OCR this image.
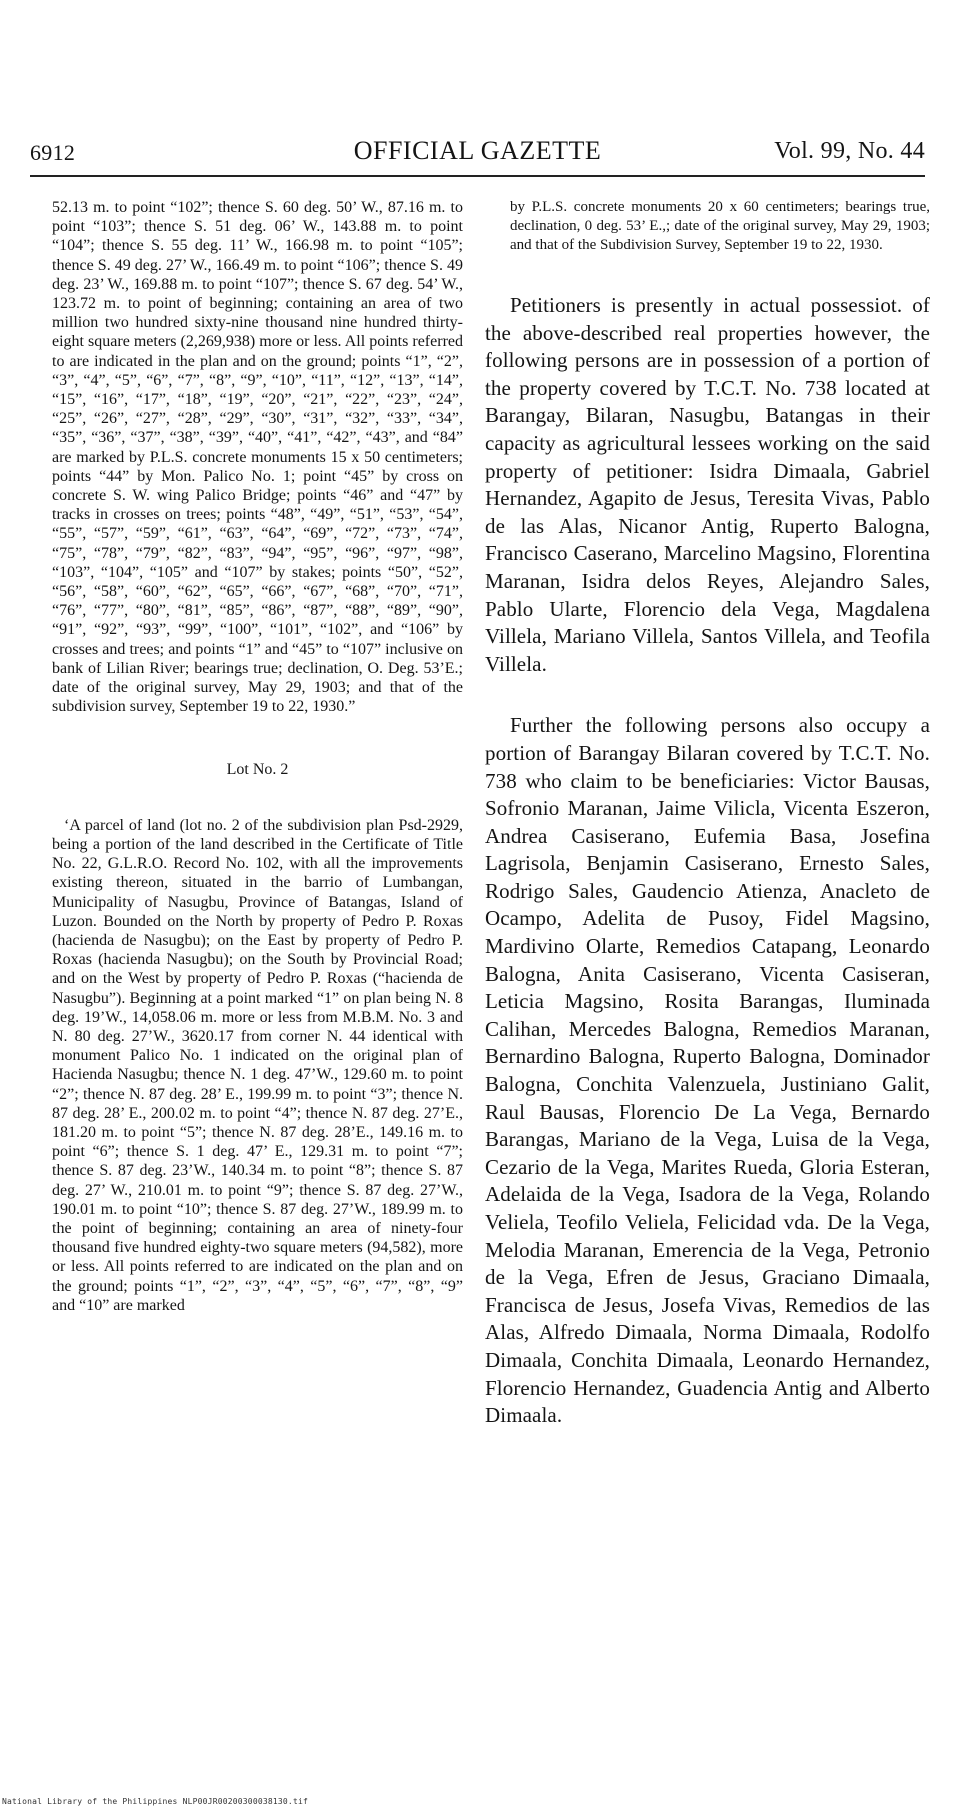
6912	OFFICIAL GAZETTE	Vol. 99, No. 44

52.13 m. to point “102”; thence S. 60 deg. 50’ W., 87.16 m. to point “103”; thence S. 51 deg. 06’ W., 143.88 m. to point “104”; thence S. 55 deg. 11’ W., 166.98 m. to point “105”; thence S. 49 deg. 27’ W., 166.49 m. to point “106”; thence S. 49 deg. 23’ W., 169.88 m. to point “107”; thence S. 67 deg. 54’ W., 123.72 m. to point of beginning; containing an area of two million two hundred sixty-nine thousand nine hundred thirty-eight square meters (2,269,938) more or less. All points referred to are indicated in the plan and on the ground; points “1”, “2”, “3”, “4”, “5”, “6”, “7”, “8”, “9”, “10”, “11”, “12”, “13”, “14”, “15”, “16”, “17”, “18”, “19”, “20”, “21”, “22”, “23”, “24”, “25”, “26”, “27”, “28”, “29”, “30”, “31”, “32”, “33”, “34”, “35”, “36”, “37”, “38”, “39”, “40”, “41”, “42”, “43”, and “84” are marked by P.L.S. concrete monuments 15 x 50 centimeters; points “44” by Mon. Palico No. 1; point “45” by cross on concrete S. W. wing Palico Bridge; points “46” and “47” by tracks in crosses on trees; points “48”, “49”, “51”, “53”, “54”, “55”, “57”, “59”, “61”, “63”, “64”, “69”, “72”, “73”, “74”, “75”, “78”, “79”, “82”, “83”, “94”, “95”, “96”, “97”, “98”, “103”, “104”, “105” and “107” by stakes; points “50”, “52”, “56”, “58”, “60”, “62”, “65”, “66”, “67”, “68”, “70”, “71”, “76”, “77”, “80”, “81”, “85”, “86”, “87”, “88”, “89”, “90”, “91”, “92”, “93”, “99”, “100”, “101”, “102”, and “106” by crosses and trees; and points “1” and “45” to “107” inclusive on bank of Lilian River; bearings true; declination, O. Deg. 53’E.; date of the original survey, May 29, 1903; and that of the subdivision survey, September 19 to 22, 1930.”

Lot No. 2

‘A parcel of land (lot no. 2 of the subdivision plan Psd-2929, being a portion of the land described in the Certificate of Title No. 22, G.L.R.O. Record No. 102, with all the improvements existing thereon, situated in the barrio of Lumbangan, Municipality of Nasugbu, Province of Batangas, Island of Luzon. Bounded on the North by property of Pedro P. Roxas (hacienda de Nasugbu); on the East by property of Pedro P. Roxas (hacienda Nasugbu); on the South by Provincial Road; and on the West by property of Pedro P. Roxas (“hacienda de Nasugbu”). Beginning at a point marked “1” on plan being N. 8 deg. 19’W., 14,058.06 m. more or less from M.B.M. No. 3 and N. 80 deg. 27’W., 3620.17 from corner N. 44 identical with monument Palico No. 1 indicated on the original plan of Hacienda Nasugbu; thence N. 1 deg. 47’W., 129.60 m. to point “2”; thence N. 87 deg. 28’ E., 199.99 m. to point “3”; thence N. 87 deg. 28’ E., 200.02 m. to point “4”; thence N. 87 deg. 27’E., 181.20 m. to point “5”; thence N. 87 deg. 28’E., 149.16 m. to point “6”; thence S. 1 deg. 47’ E., 129.31 m. to point “7”; thence S. 87 deg. 23’W., 140.34 m. to point “8”; thence S. 87 deg. 27’ W., 210.01 m. to point “9”; thence S. 87 deg. 27’W., 190.01 m. to point “10”; thence S. 87 deg. 27’W., 189.99 m. to the point of beginning; containing an area of ninety-four thousand five hundred eighty-two square meters (94,582), more or less. All points referred to are indicated on the plan and on the ground; points “1”, “2”, “3”, “4”, “5”, “6”, “7”, “8”, “9” and “10” are marked

by P.L.S. concrete monuments 20 x 60 centimeters; bearings true, declination, 0 deg. 53’ E.,; date of the original survey, May 29, 1903; and that of the Subdivision Survey, September 19 to 22, 1930.

Petitioners is presently in actual possessiot. of the above-described real properties however, the following persons are in possession of a portion of the property covered by T.C.T. No. 738 located at Barangay, Bilaran, Nasugbu, Batangas in their capacity as agricultural lessees working on the said property of petitioner: Isidra Dimaala, Gabriel Hernandez, Agapito de Jesus, Teresita Vivas, Pablo de las Alas, Nicanor Antig, Ruperto Balogna, Francisco Caserano, Marcelino Magsino, Florentina Maranan, Isidra delos Reyes, Alejandro Sales, Pablo Ularte, Florencio dela Vega, Magdalena Villela, Mariano Villela, Santos Villela, and Teofila Villela.

Further the following persons also occupy a portion of Barangay Bilaran covered by T.C.T. No. 738 who claim to be beneficiaries: Victor Bausas, Sofronio Maranan, Jaime Vilicla, Vicenta Eszeron, Andrea Casiserano, Eufemia Basa, Josefina Lagrisola, Benjamin Casiserano, Ernesto Sales, Rodrigo Sales, Gaudencio Atienza, Anacleto de Ocampo, Adelita de Pusoy, Fidel Magsino, Mardivino Olarte, Remedios Catapang, Leonardo Balogna, Anita Casiserano, Vicenta Casiseran, Leticia Magsino, Rosita Barangas, Iluminada Calihan, Mercedes Balogna, Remedios Maranan, Bernardino Balogna, Ruperto Balogna, Dominador Balogna, Conchita Valenzuela, Justiniano Galit, Raul Bausas, Florencio De La Vega, Bernardo Barangas, Mariano de la Vega, Luisa de la Vega, Cezario de la Vega, Marites Rueda, Gloria Esteran, Adelaida de la Vega, Isadora de la Vega, Rolando Veliela, Teofilo Veliela, Felicidad vda. De la Vega, Melodia Maranan, Emerencia de la Vega, Petronio de la Vega, Efren de Jesus, Graciano Dimaala, Francisca de Jesus, Josefa Vivas, Remedios de las Alas, Alfredo Dimaala, Norma Dimaala, Rodolfo Dimaala, Conchita Dimaala, Leonardo Hernandez, Florencio Hernandez, Guadencia Antig and Alberto Dimaala.

National Library of the Philippines NLP00JR00200300038130.tif
